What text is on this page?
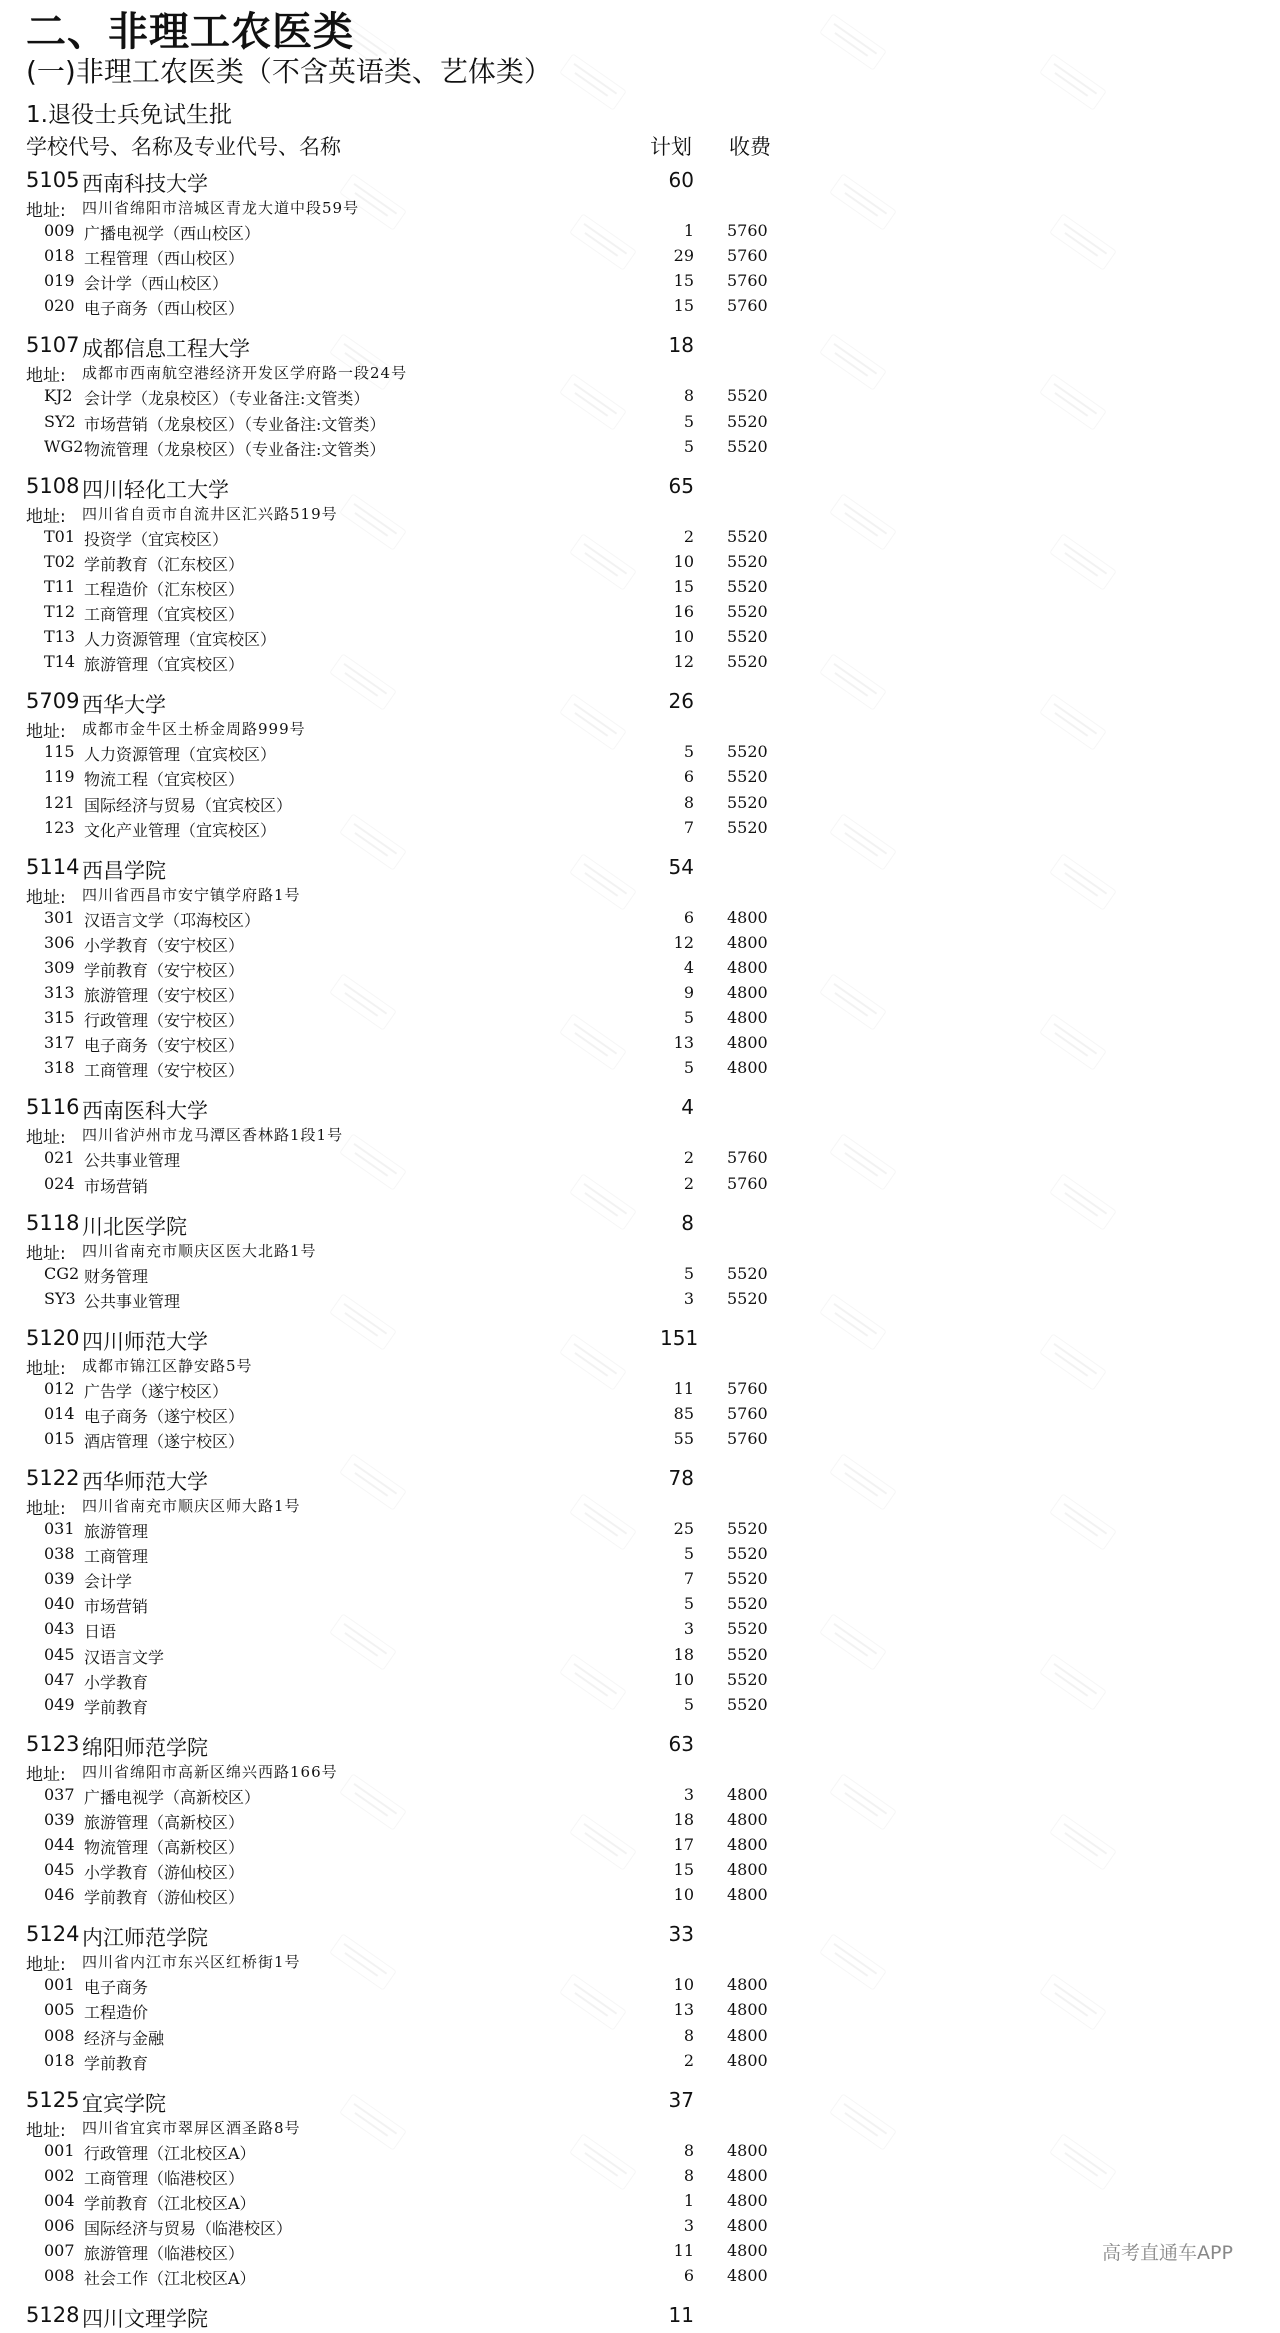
二、非理工农医类
(一)非理工农医类（不含英语类、艺体类）
1.退役士兵免试生批
学校代号、名称及专业代号、名称	计划 收费
5105 西南科技大学	60
地址: 四川省绵阳市涪城区青龙大道中段59号
009 广播电视学（西山校区）	1 5760
018 工程管理（西山校区）	29 5760
019 会计学（西山校区）	15 5760
020 电子商务（西山校区）	15 5760
5107 成都信息工程大学	18
地址: 成都市西南航空港经济开发区学府路一段24号
KJ2 会计学（龙泉校区）（专业备注:文管类）	8 5520
SY2 市场营销（龙泉校区）（专业备注:文管类）	5 5520
WG2 物流管理（龙泉校区）（专业备注:文管类）	5 5520
5108 四川轻化工大学	65
地址: 四川省自贡市自流井区汇兴路519号
T01 投资学（宜宾校区）	2 5520
T02 学前教育（汇东校区）	10 5520
T11 工程造价（汇东校区）	15 5520
T12 工商管理（宜宾校区）	16 5520
T13 人力资源管理（宜宾校区）	10 5520
T14 旅游管理（宜宾校区）	12 5520
5709 西华大学	26
地址: 成都市金牛区土桥金周路999号
115 人力资源管理（宜宾校区）	5 5520
119 物流工程（宜宾校区）	6 5520
121 国际经济与贸易（宜宾校区）	8 5520
123 文化产业管理（宜宾校区）	7 5520
5114 西昌学院	54
地址: 四川省西昌市安宁镇学府路1号
301 汉语言文学（邛海校区）	6 4800
306 小学教育（安宁校区）	12 4800
309 学前教育（安宁校区）	4 4800
313 旅游管理（安宁校区）	9 4800
315 行政管理（安宁校区）	5 4800
317 电子商务（安宁校区）	13 4800
318 工商管理（安宁校区）	5 4800
5116 西南医科大学	4
地址: 四川省泸州市龙马潭区香林路1段1号
021 公共事业管理	2 5760
024 市场营销	2 5760
5118 川北医学院	8
地址: 四川省南充市顺庆区医大北路1号
CG2 财务管理	5 5520
SY3 公共事业管理	3 5520
5120 四川师范大学	151
地址: 成都市锦江区静安路5号
012 广告学（遂宁校区）	11 5760
014 电子商务（遂宁校区）	85 5760
015 酒店管理（遂宁校区）	55 5760
5122 西华师范大学	78
地址: 四川省南充市顺庆区师大路1号
031 旅游管理	25 5520
038 工商管理	5 5520
039 会计学	7 5520
040 市场营销	5 5520
043 日语	3 5520
045 汉语言文学	18 5520
047 小学教育	10 5520
049 学前教育	5 5520
5123 绵阳师范学院	63
地址: 四川省绵阳市高新区绵兴西路166号
037 广播电视学（高新校区）	3 4800
039 旅游管理（高新校区）	18 4800
044 物流管理（高新校区）	17 4800
045 小学教育（游仙校区）	15 4800
046 学前教育（游仙校区）	10 4800
5124 内江师范学院	33
地址: 四川省内江市东兴区红桥街1号
001 电子商务	10 4800
005 工程造价	13 4800
008 经济与金融	8 4800
018 学前教育	2 4800
5125 宜宾学院	37
地址: 四川省宜宾市翠屏区酒圣路8号
001 行政管理（江北校区A）	8 4800
002 工商管理（临港校区）	8 4800
004 学前教育（江北校区A）	1 4800
006 国际经济与贸易（临港校区）	3 4800
007 旅游管理（临港校区）	11 4800
008 社会工作（江北校区A）	6 4800
5128 四川文理学院	11
高考直通车APP
